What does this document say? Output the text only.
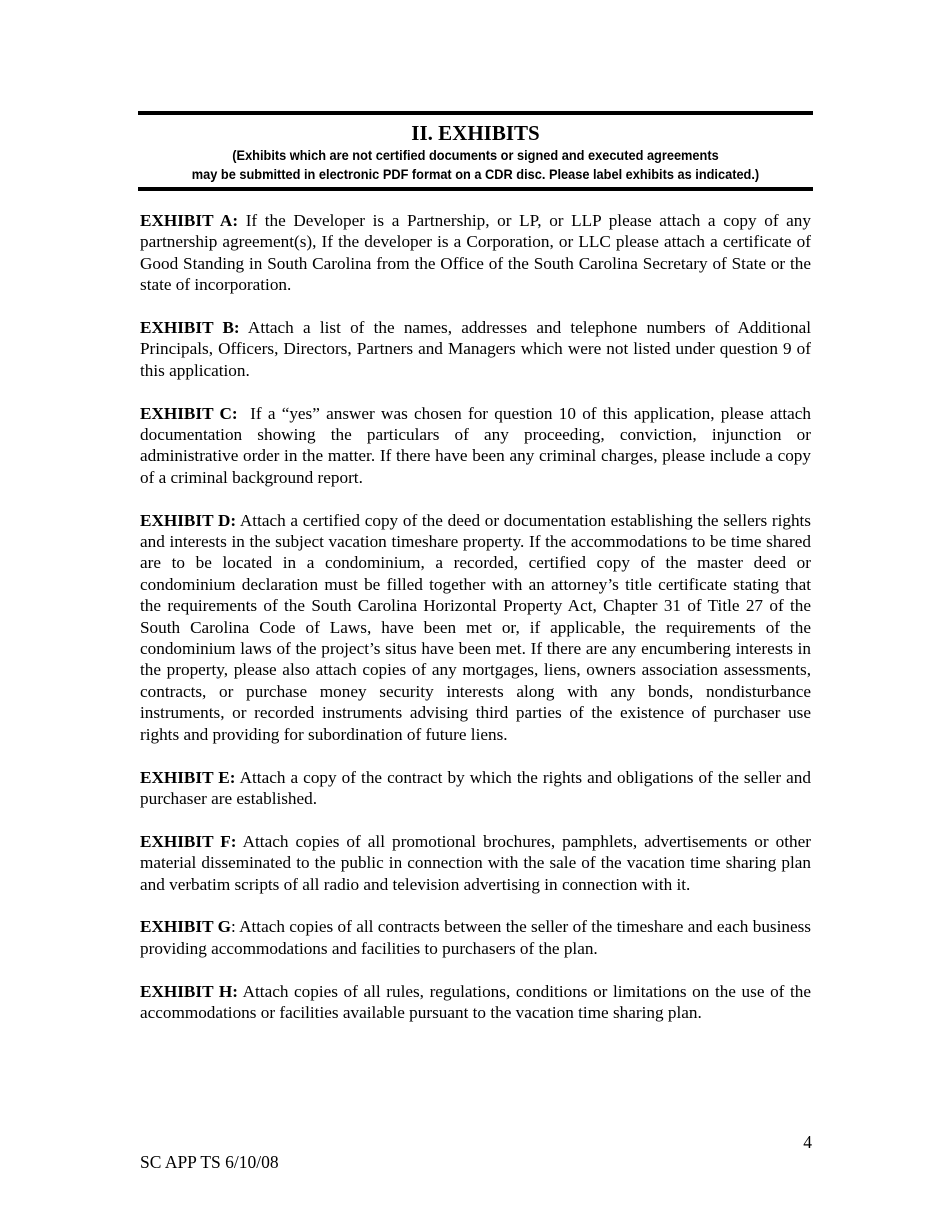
II. EXHIBITS
(Exhibits which are not certified documents or signed and executed agreements
may be submitted in electronic PDF format on a CDR disc. Please label exhibits as indicated.)

EXHIBIT A: If the Developer is a Partnership, or LP, or LLP please attach a copy of any partnership agreement(s), If the developer is a Corporation, or LLC please attach a certificate of Good Standing in South Carolina from the Office of the South Carolina Secretary of State or the state of incorporation.

EXHIBIT B: Attach a list of the names, addresses and telephone numbers of Additional Principals, Officers, Directors, Partners and Managers which were not listed under question 9 of this application.

EXHIBIT C:  If a “yes” answer was chosen for question 10 of this application, please attach documentation showing the particulars of any proceeding, conviction, injunction or administrative order in the matter. If there have been any criminal charges, please include a copy of a criminal background report.

EXHIBIT D: Attach a certified copy of the deed or documentation establishing the sellers rights and interests in the subject vacation timeshare property. If the accommodations to be time shared are to be located in a condominium, a recorded, certified copy of the master deed or condominium declaration must be filled together with an attorney’s title certificate stating that the requirements of the South Carolina Horizontal Property Act, Chapter 31 of Title 27 of the South Carolina Code of Laws, have been met or, if applicable, the requirements of the condominium laws of the project’s situs have been met. If there are any encumbering interests in the property, please also attach copies of any mortgages, liens, owners association assessments, contracts, or purchase money security interests along with any bonds, nondisturbance instruments, or recorded instruments advising third parties of the existence of purchaser use rights and providing for subordination of future liens.

EXHIBIT E: Attach a copy of the contract by which the rights and obligations of the seller and purchaser are established.

EXHIBIT F: Attach copies of all promotional brochures, pamphlets, advertisements or other material disseminated to the public in connection with the sale of the vacation time sharing plan and verbatim scripts of all radio and television advertising in connection with it.

EXHIBIT G: Attach copies of all contracts between the seller of the timeshare and each business providing accommodations and facilities to purchasers of the plan.

EXHIBIT H: Attach copies of all rules, regulations, conditions or limitations on the use of the accommodations or facilities available pursuant to the vacation time sharing plan.

4
SC APP TS 6/10/08
